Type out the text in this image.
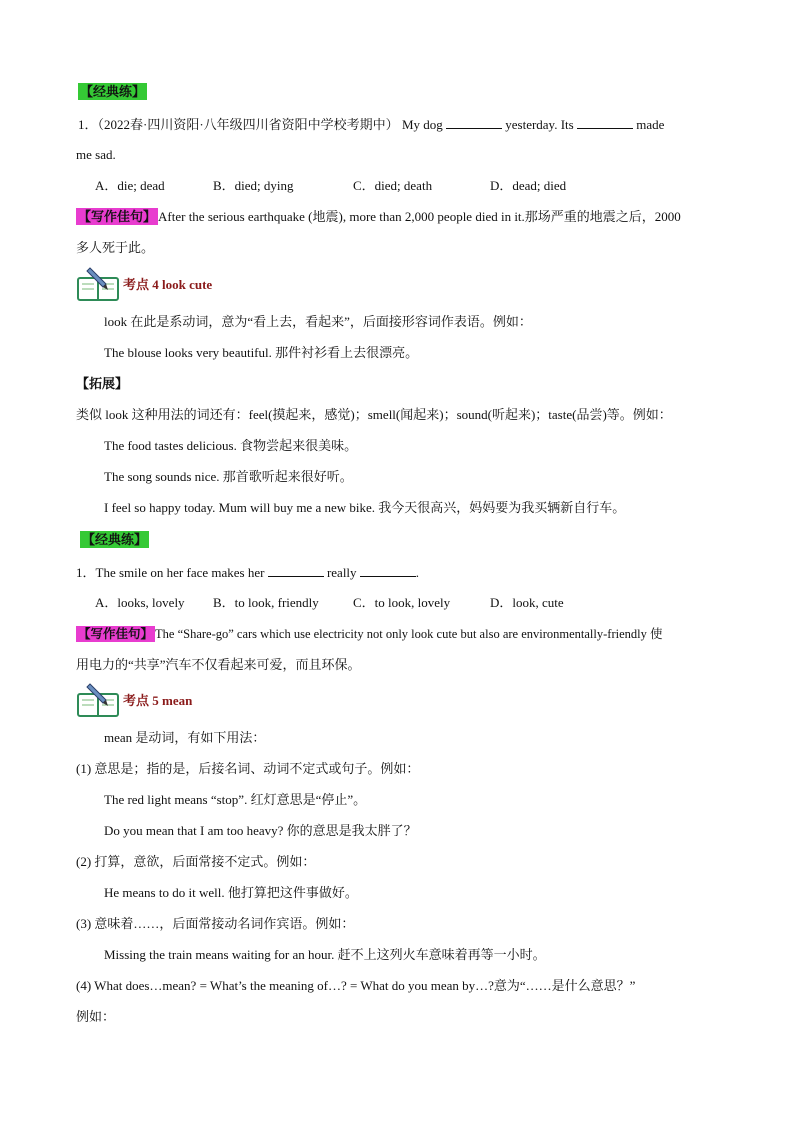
【经典练】
1．（2022春·四川资阳·八年级四川省资阳中学校考期中） My dog	yesterday. Its	made
me sad.
A．die; dead	B．died; dying	C．died; death	D．dead; died
【写作佳句】 After the serious earthquake (地震), more than 2,000 people died in it.那场严重的地震之后，2000
多人死于此。
考点 4 look cute
look 在此是系动词，意为“看上去，看起来”，后面接形容词作表语。例如：
The blouse looks very beautiful. 那件衬衫看上去很漂亮。
【拓展】
类似 look 这种用法的词还有：feel(摸起来，感觉)；smell(闻起来)；sound(听起来)；taste(品尝)等。例如：
The food tastes delicious. 食物尝起来很美味。
The song sounds nice. 那首歌听起来很好听。
I feel so happy today. Mum will buy me a new bike. 我今天很高兴，妈妈要为我买辆新自行车。
【经典练】
1．The smile on her face makes her	really	.
A．looks, lovely B．to look, friendly	C．to look, lovely	D．look, cute
【写作佳句】 The “Share-go” cars which use electricity not only look cute but also are environmentally-friendly 使
用电力的“共享”汽车不仅看起来可爱，而且环保。
考点 5 mean
mean 是动词，有如下用法：
(1) 意思是；指的是，后接名词、动词不定式或句子。例如：
The red light means “stop”. 红灯意思是“停止”。
Do you mean that I am too heavy? 你的意思是我太胖了？
(2) 打算，意欲，后面常接不定式。例如：
He means to do it well. 他打算把这件事做好。
(3) 意味着……，后面常接动名词作宾语。例如：
Missing the train means waiting for an hour. 赶不上这列火车意味着再等一小时。
(4) What does…mean? = What’s the meaning of…? = What do you mean by…?意为“……是什么意思？”
例如：
